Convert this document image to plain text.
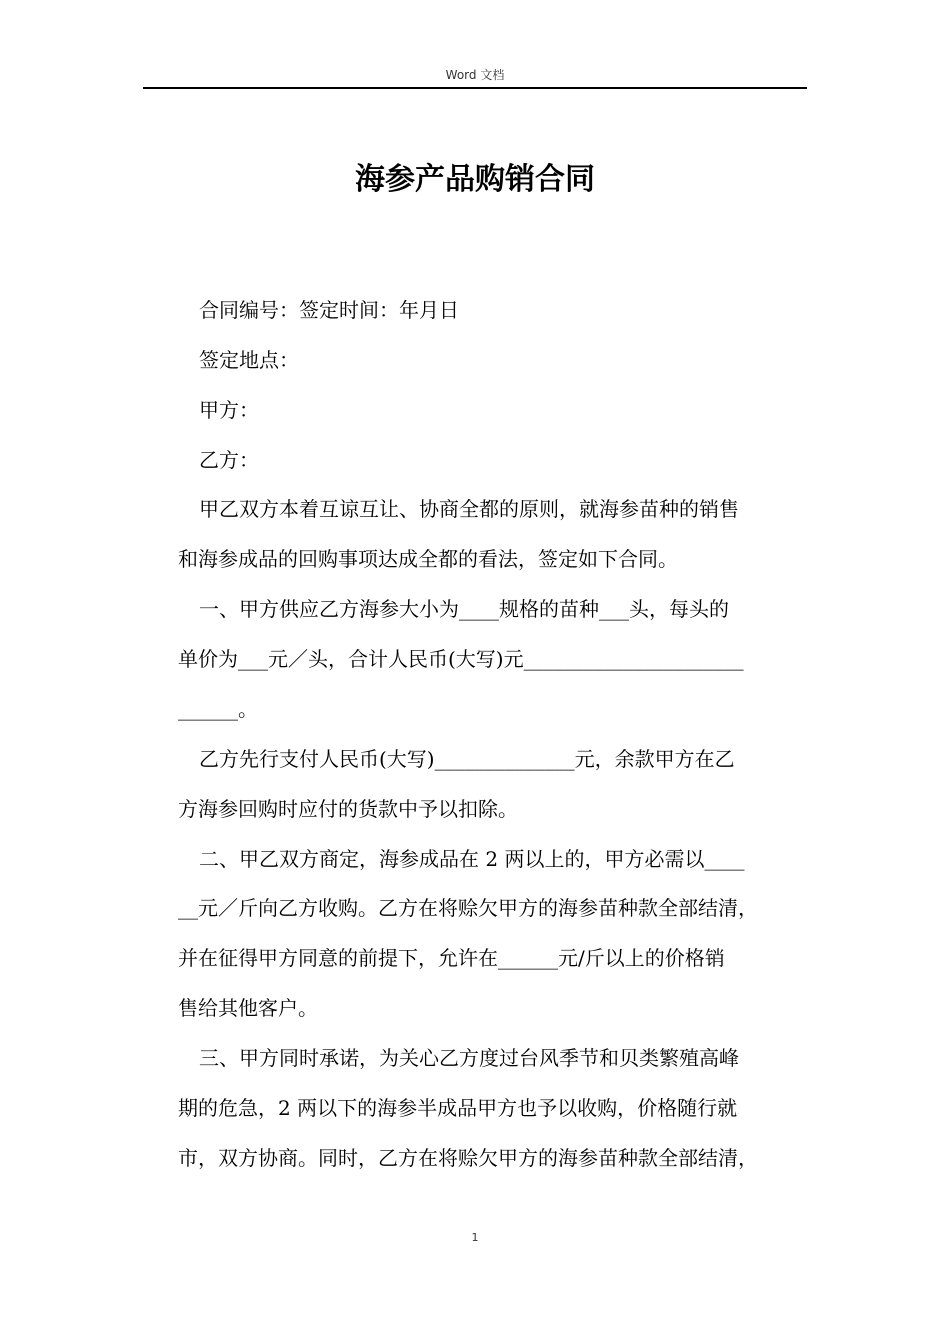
Word 文档
海参产品购销合同
合同编号：签定时间：年月日
签定地点：
甲方：
乙方：
甲乙双方本着互谅互让、协商全都的原则，就海参苗种的销售
和海参成品的回购事项达成全都的看法，签定如下合同。
一、甲方供应乙方海参大小为____规格的苗种___头，每头的
单价为___元／头，合计人民币(大写)元______________________
______。
乙方先行支付人民币(大写)______________元，余款甲方在乙
方海参回购时应付的货款中予以扣除。
二、甲乙双方商定，海参成品在 2 两以上的，甲方必需以____
__元／斤向乙方收购。乙方在将赊欠甲方的海参苗种款全部结清，
并在征得甲方同意的前提下，允许在______元/斤以上的价格销
售给其他客户。
三、甲方同时承诺，为关心乙方度过台风季节和贝类繁殖高峰
期的危急，2 两以下的海参半成品甲方也予以收购，价格随行就
市，双方协商。同时，乙方在将赊欠甲方的海参苗种款全部结清，
1
